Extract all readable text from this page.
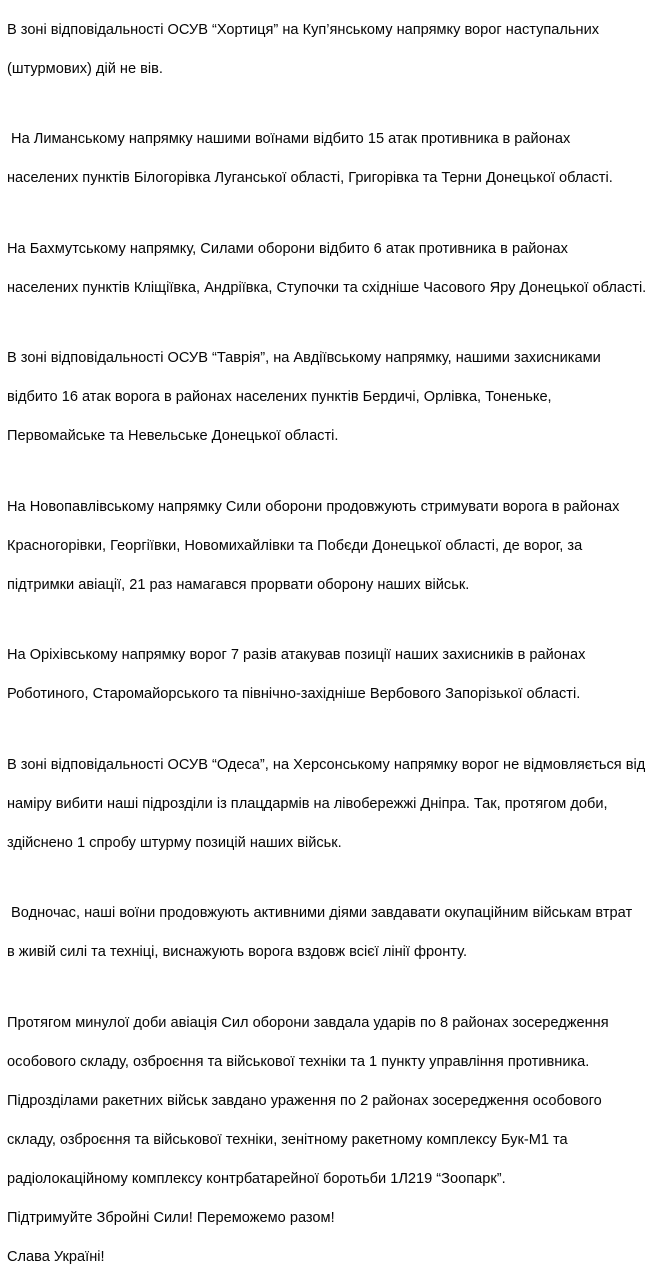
В зоні відповідальності ОСУВ “Хортиця” на Куп’янському напрямку ворог наступальних

(штурмових) дій не вів.

На Лиманському напрямку нашими воїнами відбито 15 атак противника в районах

населених пунктів Білогорівка Луганської області, Григорівка та Терни Донецької області.

На Бахмутському напрямку, Силами оборони відбито 6 атак противника в районах

населених пунктів Кліщіївка, Андріївка, Ступочки та східніше Часового Яру Донецької області.

В зоні відповідальності ОСУВ “Таврія”, на Авдіївському напрямку, нашими захисниками

відбито 16 атак ворога в районах населених пунктів Бердичі, Орлівка, Тоненьке,

Первомайське та Невельське Донецької області.

На Новопавлівському напрямку Сили оборони продовжують стримувати ворога в районах

Красногорівки, Георгіївки, Новомихайлівки та Побєди Донецької області, де ворог, за

підтримки авіації, 21 раз намагався прорвати оборону наших військ.

На Оріхівському напрямку ворог 7 разів атакував позиції наших захисників в районах

Роботиного, Старомайорського та північно-західніше Вербового Запорізької області.

В зоні відповідальності ОСУВ “Одеса”, на Херсонському напрямку ворог не відмовляється від

наміру вибити наші підрозділи із плацдармів на лівобережжі Дніпра. Так, протягом доби,

здійснено 1 спробу штурму позицій наших військ.

Водночас, наші воїни продовжують активними діями завдавати окупаційним військам втрат

в живій силі та техніці, виснажують ворога вздовж всієї лінії фронту.

Протягом минулої доби авіація Сил оборони завдала ударів по 8 районах зосередження

особового складу, озброєння та військової техніки та 1 пункту управління противника.

Підрозділами ракетних військ завдано ураження по 2 районах зосередження особового

складу, озброєння та військової техніки, зенітному ракетному комплексу Бук-М1 та

радіолокаційному комплексу контрбатарейної боротьби 1Л219 “Зоопарк”.

Підтримуйте Збройні Сили! Переможемо разом!

Слава Україні!
